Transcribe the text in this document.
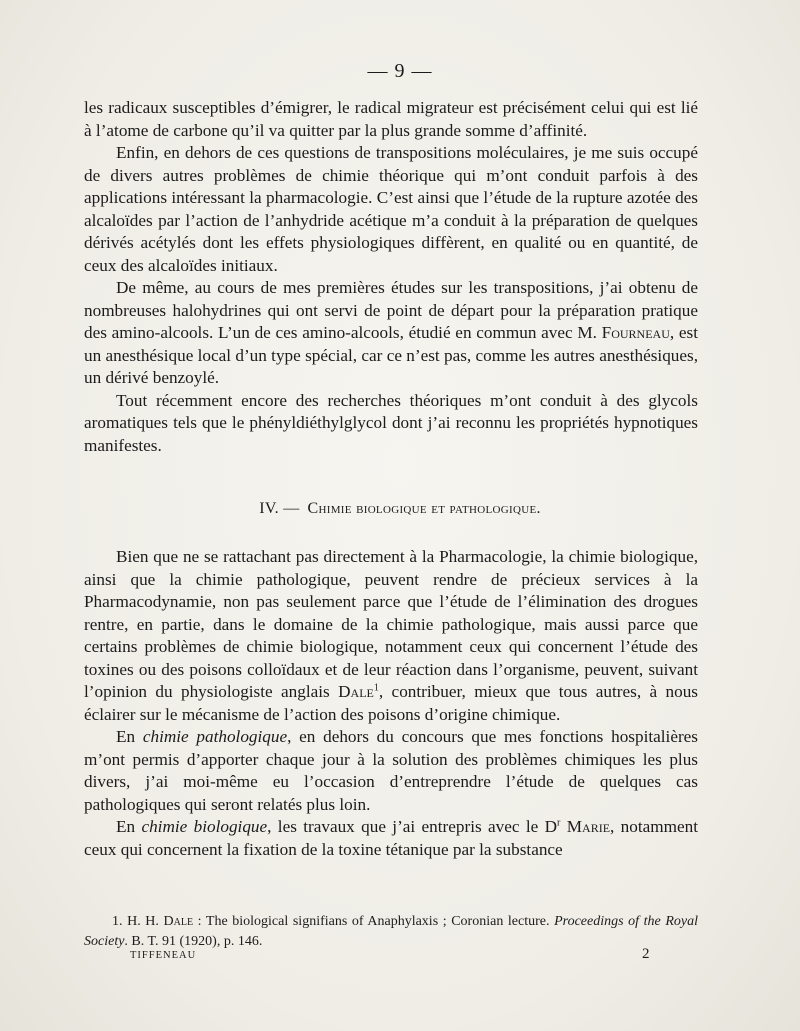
— 9 —

les radicaux susceptibles d’émigrer, le radical migrateur est précisément celui qui est lié à l’atome de carbone qu’il va quitter par la plus grande somme d’affinité.

Enfin, en dehors de ces questions de transpositions moléculaires, je me suis occupé de divers autres problèmes de chimie théorique qui m’ont conduit parfois à des applications intéressant la pharmacologie. C’est ainsi que l’étude de la rupture azotée des alcaloïdes par l’action de l’anhydride acétique m’a conduit à la préparation de quelques dérivés acétylés dont les effets physiologiques diffèrent, en qualité ou en quantité, de ceux des alcaloïdes initiaux.

De même, au cours de mes premières études sur les transpositions, j’ai obtenu de nombreuses halohydrines qui ont servi de point de départ pour la préparation pratique des amino-alcools. L’un de ces amino-alcools, étudié en commun avec M. Fourneau, est un anesthésique local d’un type spécial, car ce n’est pas, comme les autres anesthésiques, un dérivé benzoylé.

Tout récemment encore des recherches théoriques m’ont conduit à des glycols aromatiques tels que le phényldiéthylglycol dont j’ai reconnu les propriétés hypnotiques manifestes.

IV. — Chimie biologique et pathologique.

Bien que ne se rattachant pas directement à la Pharmacologie, la chimie biologique, ainsi que la chimie pathologique, peuvent rendre de précieux services à la Pharmacodynamie, non pas seulement parce que l’étude de l’élimination des drogues rentre, en partie, dans le domaine de la chimie pathologique, mais aussi parce que certains problèmes de chimie biologique, notamment ceux qui concernent l’étude des toxines ou des poisons colloïdaux et de leur réaction dans l’organisme, peuvent, suivant l’opinion du physiologiste anglais Dale$^1$, contribuer, mieux que tous autres, à nous éclairer sur le mécanisme de l’action des poisons d’origine chimique.

En chimie pathologique, en dehors du concours que mes fonctions hospitalières m’ont permis d’apporter chaque jour à la solution des problèmes chimiques les plus divers, j’ai moi-même eu l’occasion d’entreprendre l’étude de quelques cas pathologiques qui seront relatés plus loin.

En chimie biologique, les travaux que j’ai entrepris avec le $D^r$ Marie, notamment ceux qui concernent la fixation de la toxine tétanique par la substance

1. H. H. Dale : The biological signifians of Anaphylaxis ; Coronian lecture. Proceedings of the Royal Society. B. T. 91 (1920), p. 146.

TIFFENEAU	2
